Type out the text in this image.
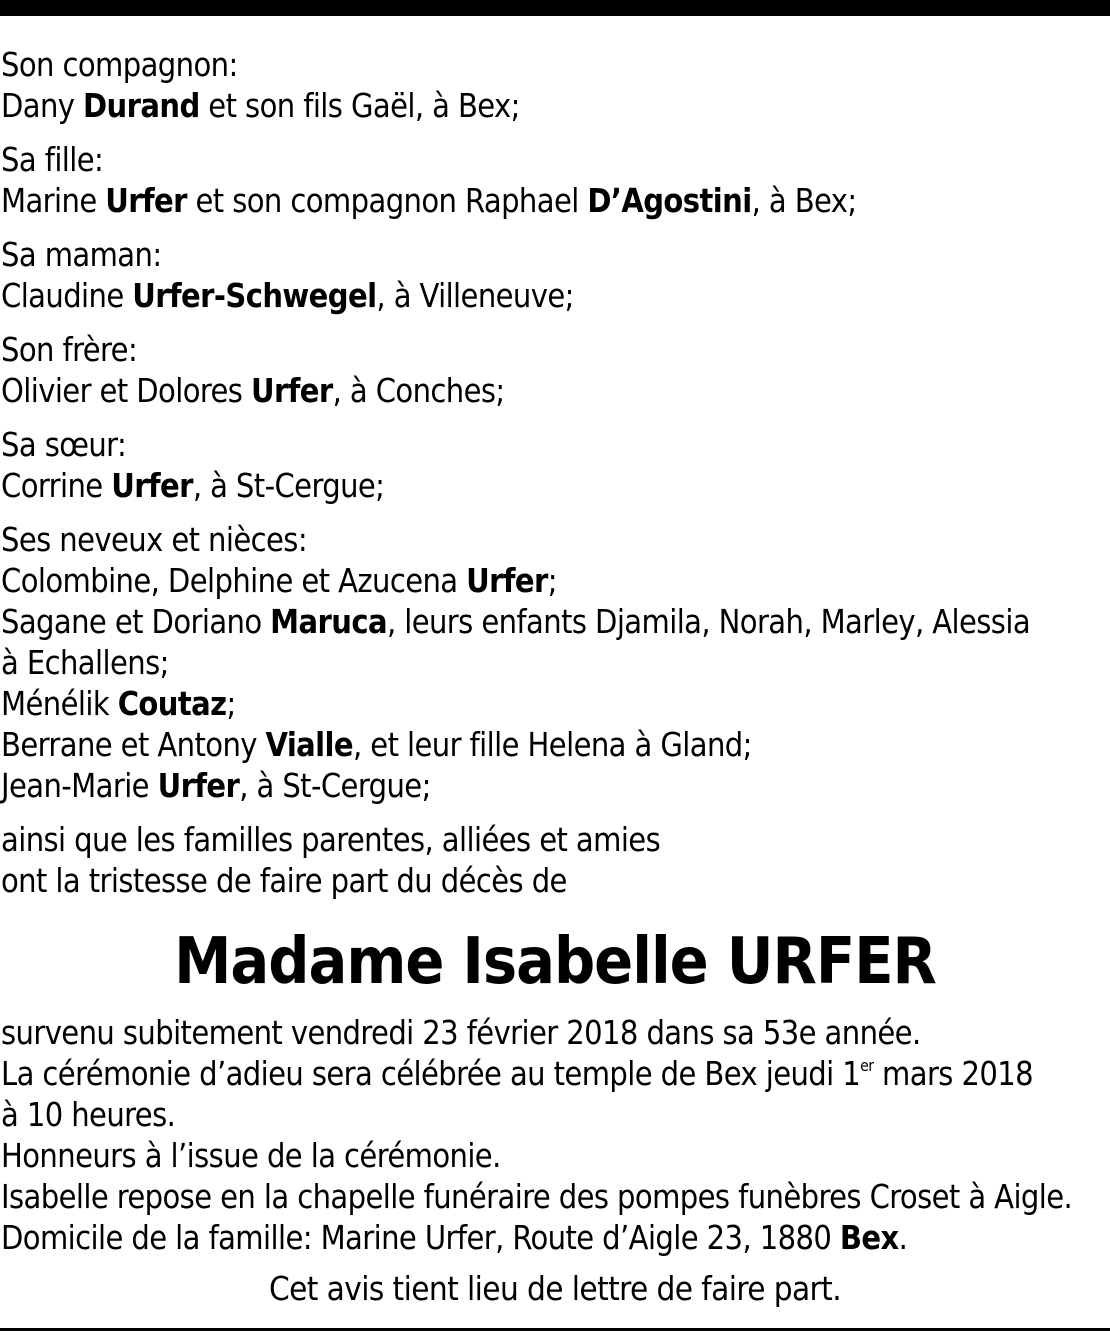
Son compagnon:
Dany Durand et son fils Gaël, à Bex;
Sa fille:
Marine Urfer et son compagnon Raphael D’Agostini, à Bex;
Sa maman:
Claudine Urfer-Schwegel, à Villeneuve;
Son frère:
Olivier et Dolores Urfer, à Conches;
Sa sœur:
Corrine Urfer, à St-Cergue;
Ses neveux et nièces:
Colombine, Delphine et Azucena Urfer;
Sagane et Doriano Maruca, leurs enfants Djamila, Norah, Marley, Alessia
à Echallens;
Ménélik Coutaz;
Berrane et Antony Vialle, et leur fille Helena à Gland;
Jean-Marie Urfer, à St-Cergue;
ainsi que les familles parentes, alliées et amies
ont la tristesse de faire part du décès de
Madame Isabelle URFER
survenu subitement vendredi 23 février 2018 dans sa 53e année.
La cérémonie d’adieu sera célébrée au temple de Bex jeudi 1er mars 2018
à 10 heures.
Honneurs à l’issue de la cérémonie.
Isabelle repose en la chapelle funéraire des pompes funèbres Croset à Aigle.
Domicile de la famille: Marine Urfer, Route d’Aigle 23, 1880 Bex.
Cet avis tient lieu de lettre de faire part.
